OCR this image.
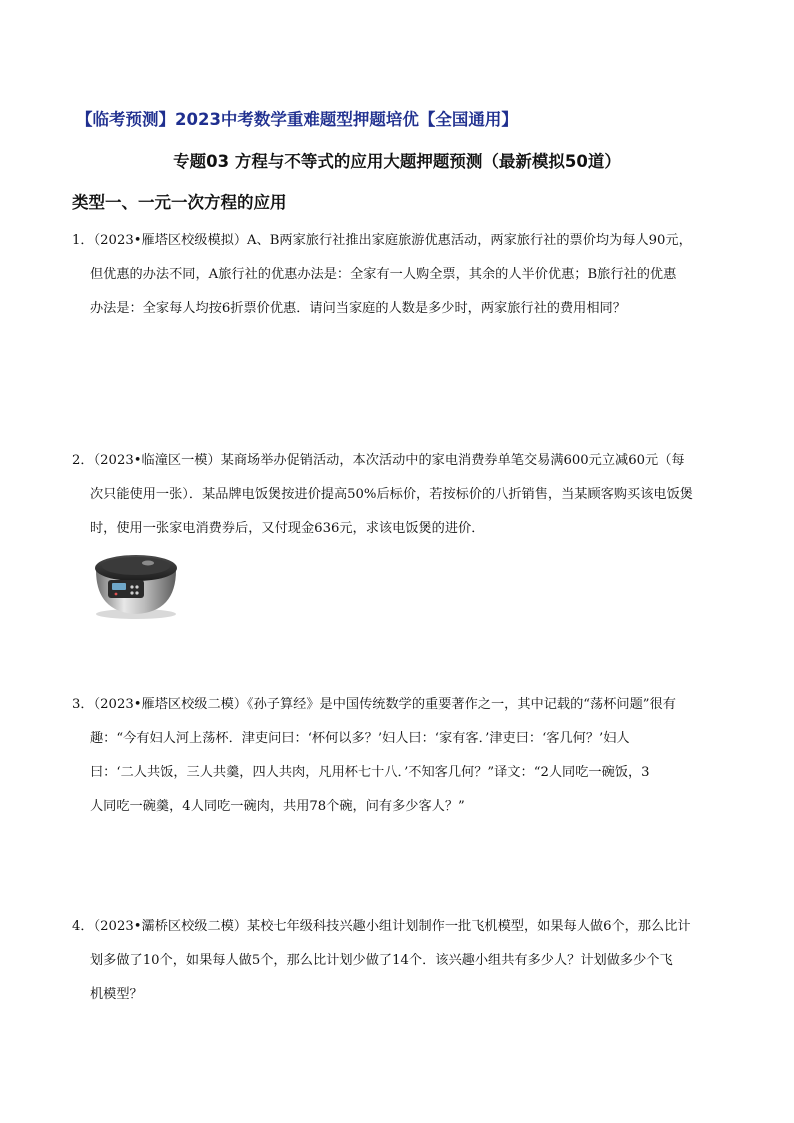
【临考预测】2023中考数学重难题型押题培优【全国通用】
专题03 方程与不等式的应用大题押题预测（最新模拟50道）
类型一、一元一次方程的应用
1．（2023•雁塔区校级模拟）A、B两家旅行社推出家庭旅游优惠活动，两家旅行社的票价均为每人90元，
但优惠的办法不同，A旅行社的优惠办法是：全家有一人购全票，其余的人半价优惠；B旅行社的优惠
办法是：全家每人均按6折票价优惠．请问当家庭的人数是多少时，两家旅行社的费用相同？
2．（2023•临潼区一模）某商场举办促销活动，本次活动中的家电消费券单笔交易满600元立减60元（每
次只能使用一张）．某品牌电饭煲按进价提高50%后标价，若按标价的八折销售，当某顾客购买该电饭煲
时，使用一张家电消费券后，又付现金636元，求该电饭煲的进价．
3．（2023•雁塔区校级二模）《孙子算经》是中国传统数学的重要著作之一，其中记载的“荡杯问题”很有
趣：“今有妇人河上荡杯．津吏问曰：‘杯何以多？’妇人曰：‘家有客．’津吏曰：‘客几何？’妇人
曰：‘二人共饭，三人共羹，四人共肉，凡用杯七十八．’不知客几何？”译文：“2人同吃一碗饭，3
人同吃一碗羹，4人同吃一碗肉，共用78个碗，问有多少客人？”
4．（2023•灞桥区校级二模）某校七年级科技兴趣小组计划制作一批飞机模型，如果每人做6个，那么比计
划多做了10个，如果每人做5个，那么比计划少做了14个．该兴趣小组共有多少人？计划做多少个飞
机模型？
